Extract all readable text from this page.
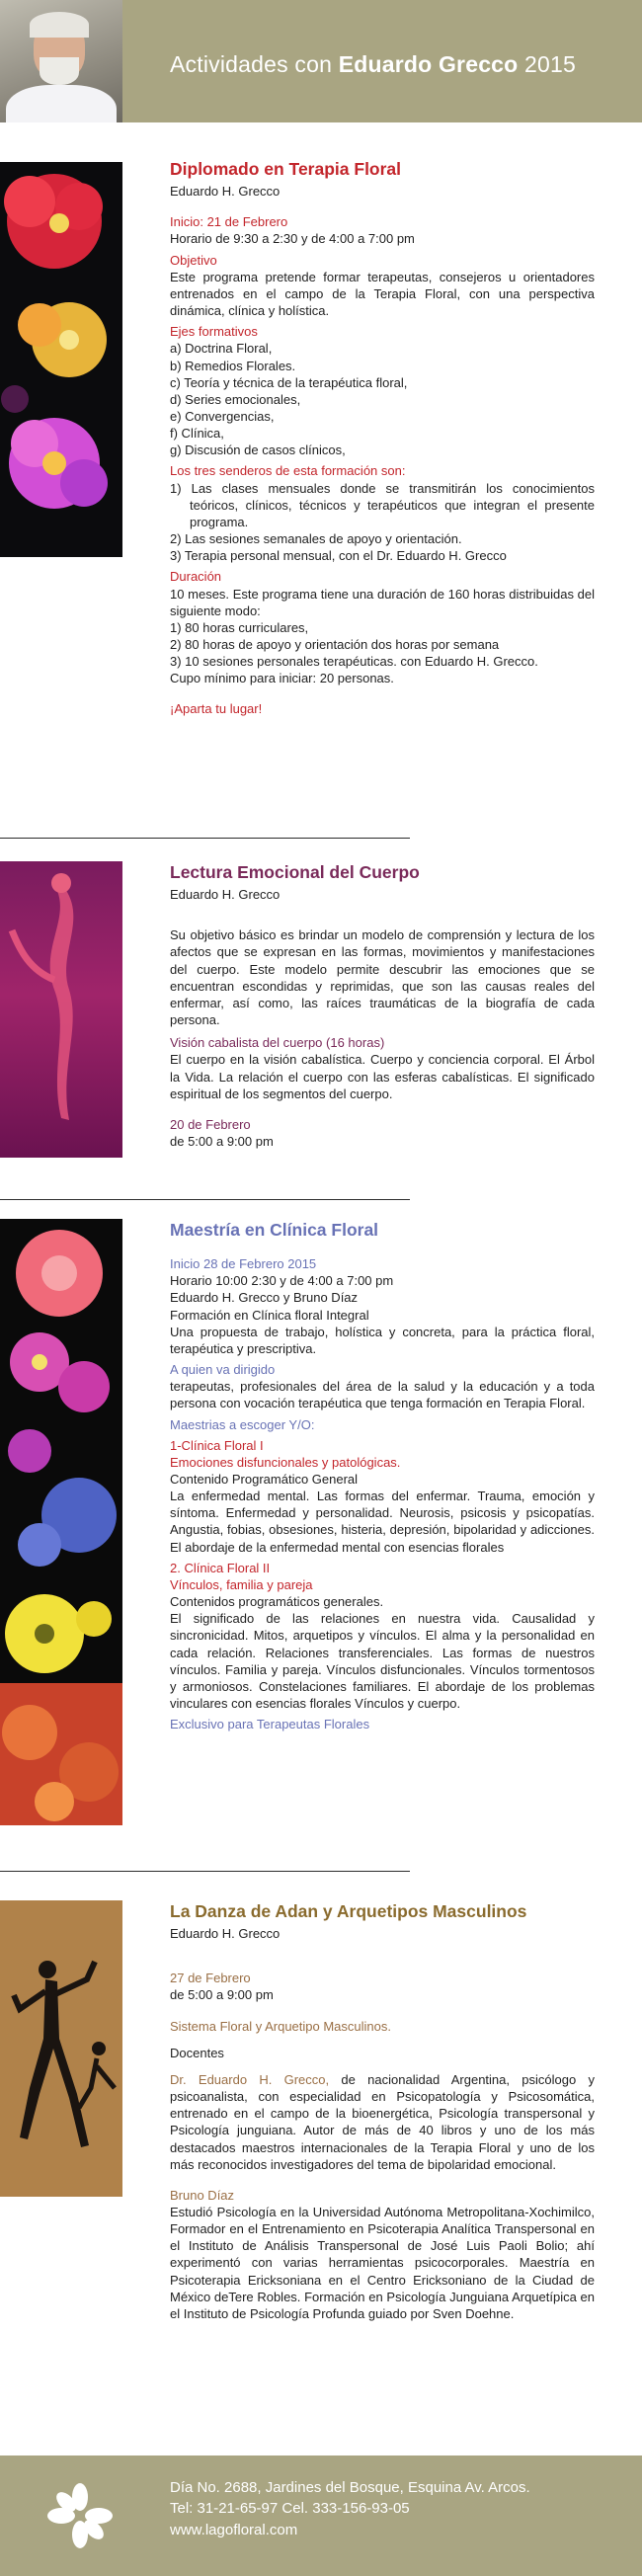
Actividades con Eduardo Grecco 2015
Diplomado en Terapia Floral
Eduardo H. Grecco
Inicio: 21 de Febrero
Horario de 9:30 a 2:30 y de 4:00 a 7:00 pm
Objetivo
Este programa pretende formar terapeutas, consejeros u orientadores entrenados en el campo de la Terapia Floral, con una perspectiva dinámica, clínica y holística.
Ejes formativos
a) Doctrina Floral,
b) Remedios Florales.
c) Teoría y técnica de la terapéutica floral,
d) Series emocionales,
e) Convergencias,
f) Clínica,
g) Discusión de casos clínicos,
Los tres senderos de esta formación son:
1) Las clases mensuales donde se transmitirán los conocimientos teóricos, clínicos, técnicos y terapéuticos que integran el presente programa.
2) Las sesiones semanales de apoyo y orientación.
3) Terapia personal mensual, con el Dr. Eduardo H. Grecco
Duración
10 meses. Este programa tiene una duración de 160 horas distribuidas del siguiente modo:
1) 80 horas curriculares,
2) 80 horas de apoyo y orientación dos horas por semana
3) 10 sesiones personales terapéuticas. con Eduardo H. Grecco.
Cupo mínimo para iniciar: 20 personas.
¡Aparta tu lugar!
Lectura Emocional del Cuerpo
Eduardo H. Grecco
Su objetivo básico es brindar un modelo de comprensión y lectura de los afectos que se expresan en las formas, movimientos y manifestaciones del cuerpo. Este modelo permite descubrir las emociones que se encuentran escondidas y reprimidas, que son las causas reales del enfermar, así como, las raíces traumáticas de la biografía de cada persona.
Visión cabalista del cuerpo (16 horas)
El cuerpo en la visión cabalística. Cuerpo y conciencia corporal. El Árbol la Vida. La relación el cuerpo con las esferas cabalísticas. El significado espiritual de los segmentos del cuerpo.
20 de Febrero
de 5:00 a 9:00 pm
Maestría en Clínica Floral
Inicio 28 de Febrero 2015
Horario 10:00 2:30 y de 4:00 a 7:00 pm
Eduardo H. Grecco y Bruno Díaz
Formación en Clínica floral Integral
Una propuesta de trabajo, holística y concreta, para la práctica floral, terapéutica y prescriptiva.
A quien va dirigido
terapeutas, profesionales del área de la salud y la educación y a toda persona con vocación terapéutica que tenga formación en Terapia Floral.
Maestrias a escoger Y/O:
1-Clínica Floral I
Emociones disfuncionales y patológicas.
Contenido Programático General
La enfermedad mental. Las formas del enfermar. Trauma, emoción y síntoma. Enfermedad y personalidad. Neurosis, psicosis y psicopatías. Angustia, fobias, obsesiones, histeria, depresión, bipolaridad y adicciones. El abordaje de la enfermedad mental con esencias florales
2. Clínica Floral II
Vínculos, familia y pareja
Contenidos programáticos generales.
El significado de las relaciones en nuestra vida. Causalidad y sincronicidad. Mitos, arquetipos y vínculos. El alma y la personalidad en cada relación. Relaciones transferenciales. Las formas de nuestros vínculos. Familia y pareja. Vínculos disfuncionales. Vínculos tormentosos y armoniosos. Constelaciones familiares. El abordaje de los problemas vinculares con esencias florales Vínculos y cuerpo.
Exclusivo para Terapeutas Florales
La Danza de Adan y Arquetipos Masculinos
Eduardo H. Grecco
27 de Febrero
de 5:00 a 9:00 pm
Sistema Floral y Arquetipo Masculinos.
Docentes
Dr. Eduardo H. Grecco, de nacionalidad Argentina, psicólogo y psicoanalista, con especialidad en Psicopatología y Psicosomática, entrenado en el campo de la bioenergética, Psicología transpersonal y Psicología junguiana. Autor de más de 40 libros y uno de los más destacados maestros internacionales de la Terapia Floral y uno de los más reconocidos investigadores del tema de bipolaridad emocional.
Bruno Díaz
Estudió Psicología en la Universidad Autónoma Metropolitana-Xochimilco, Formador en el Entrenamiento en Psicoterapia Analítica Transpersonal en el Instituto de Análisis Transpersonal de José Luis Paoli Bolio; ahí experimentó con varias herramientas psicocorporales. Maestría en Psicoterapia Ericksoniana en el Centro Ericksoniano de la Ciudad de México deTere Robles. Formación en Psicología Junguiana Arquetípica en el Instituto de Psicología Profunda guiado por Sven Doehne.
Día No. 2688, Jardines del Bosque, Esquina Av. Arcos.
Tel: 31-21-65-97 Cel. 333-156-93-05
www.lagofloral.com
